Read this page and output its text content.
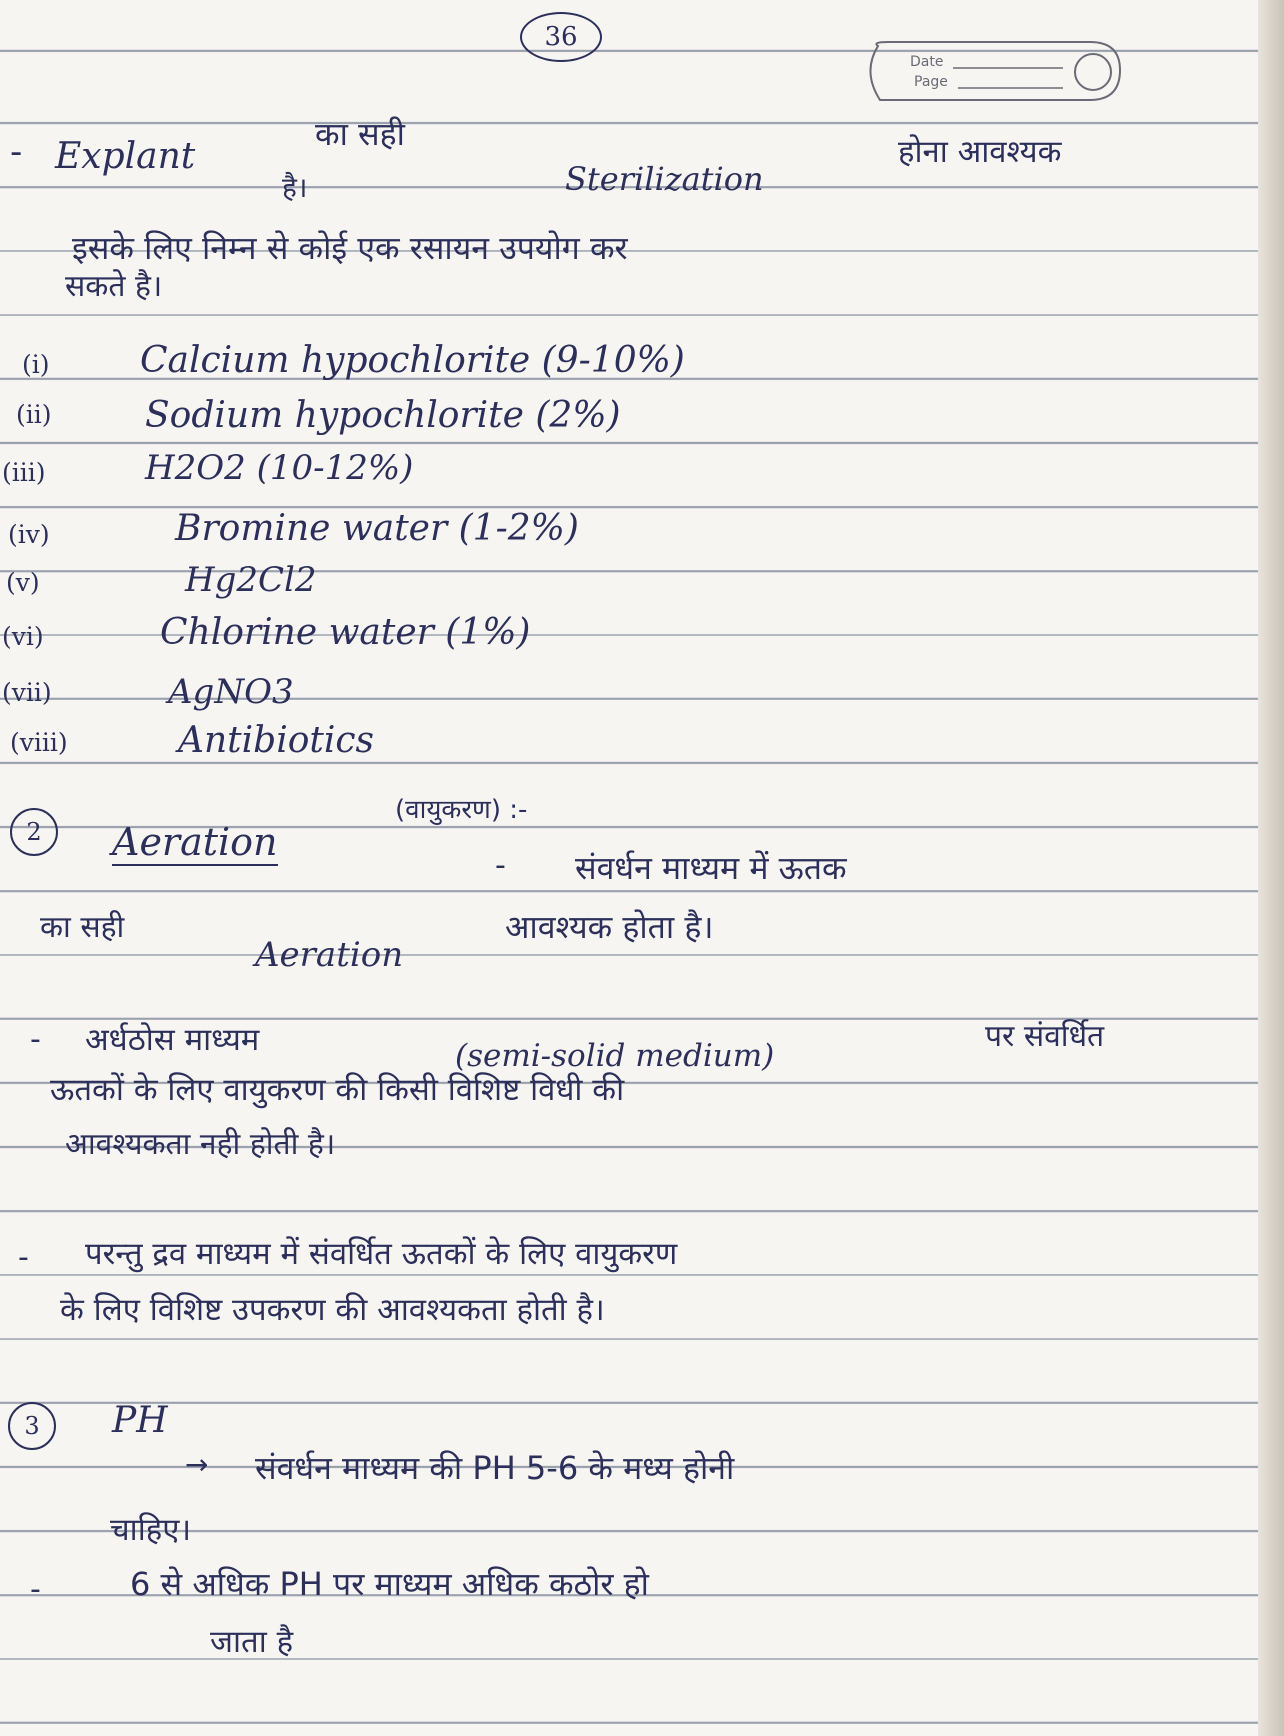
36
Date
Page
- Explant
का सही
Sterilization
होना आवश्यक
है।
इसके लिए निम्न से कोई एक रसायन उपयोग कर
सकते है।
(i)	Calcium hypochlorite (9-10%)
(ii)	Sodium hypochlorite (2%)
(iii)	H2O2 (10-12%)
(iv)	Bromine water (1-2%)
(v)	Hg2Cl2
(vi)	Chlorine water (1%)
(vii)	AgNO3
(viii)	Antibiotics
2	Aeration
(वायुकरण) :-
- संवर्धन माध्यम में ऊतक
का सही
Aeration
आवश्यक होता है।
- अर्धठोस माध्यम	(semi-solid medium)
पर संवर्धित
ऊतकों के लिए वायुकरण की किसी विशिष्ट विधी की
आवश्यकता नही होती है।
- परन्तु द्रव माध्यम में संवर्धित ऊतकों के लिए वायुकरण
के लिए विशिष्ट उपकरण की आवश्यकता होती है।
3	PH
→ संवर्धन माध्यम की PH 5-6 के मध्य होनी
चाहिए।
-	6 से अधिक PH पर माध्यम अधिक कठोर हो
जाता है
